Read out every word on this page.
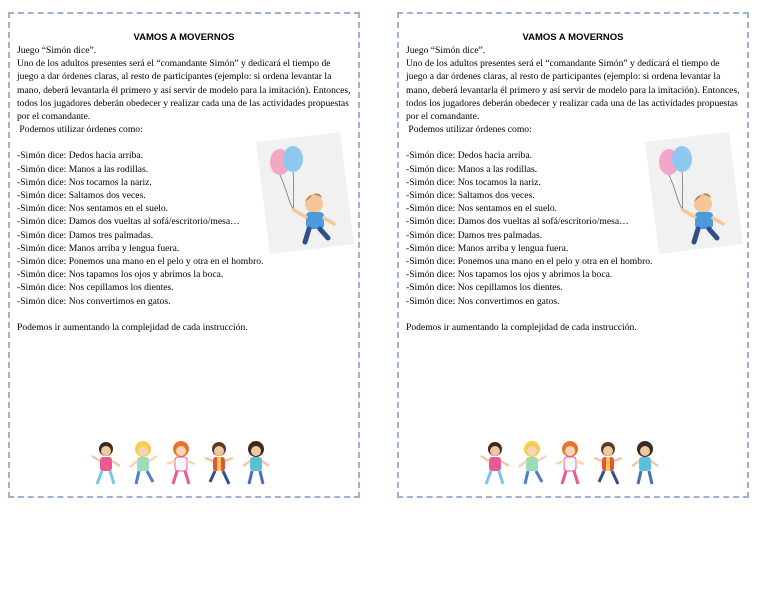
VAMOS A MOVERNOS

Juego “Simón dice”.

Uno de los adultos presentes será el “comandante Simón” y dedicará el tiempo de juego a dar órdenes claras, al resto de participantes (ejemplo: si ordena levantar la mano, deberá levantarla él primero y así servir de modelo para la imitación). Entonces, todos los jugadores deberán obedecer y realizar cada una de las actividades propuestas por el comandante.

Podemos utilizar órdenes como:

-Simón dice: Dedos hacia arriba.

-Simón dice: Manos a las rodillas.

-Simón dice: Nos tocamos la nariz.

-Simón dice: Saltamos dos veces.

-Simón dice: Nos sentamos en el suelo.

-Simón dice: Damos dos vueltas al sofá/escritorio/mesa…

-Simón dice: Damos tres palmadas.

-Simón dice: Manos arriba y lengua fuera.

-Simón dice: Ponemos una mano en el pelo y otra en el hombro.

-Simón dice: Nos tapamos los ojos y abrimos la boca.

-Simón dice: Nos cepillamos los dientes.

-Simón dice: Nos convertimos en gatos.

Podemos ir aumentando la complejidad de cada instrucción.

VAMOS A MOVERNOS

Juego “Simón dice”.

Uno de los adultos presentes será el “comandante Simón” y dedicará el tiempo de juego a dar órdenes claras, al resto de participantes (ejemplo: si ordena levantar la mano, deberá levantarla él primero y así servir de modelo para la imitación). Entonces, todos los jugadores deberán obedecer y realizar cada una de las actividades propuestas por el comandante.

Podemos utilizar órdenes como:

-Simón dice: Dedos hacia arriba.

-Simón dice: Manos a las rodillas.

-Simón dice: Nos tocamos la nariz.

-Simón dice: Saltamos dos veces.

-Simón dice: Nos sentamos en el suelo.

-Simón dice: Damos dos vueltas al sofá/escritorio/mesa…

-Simón dice: Damos tres palmadas.

-Simón dice: Manos arriba y lengua fuera.

-Simón dice: Ponemos una mano en el pelo y otra en el hombro.

-Simón dice: Nos tapamos los ojos y abrimos la boca.

-Simón dice: Nos cepillamos los dientes.

-Simón dice: Nos convertimos en gatos.

Podemos ir aumentando la complejidad de cada instrucción.
